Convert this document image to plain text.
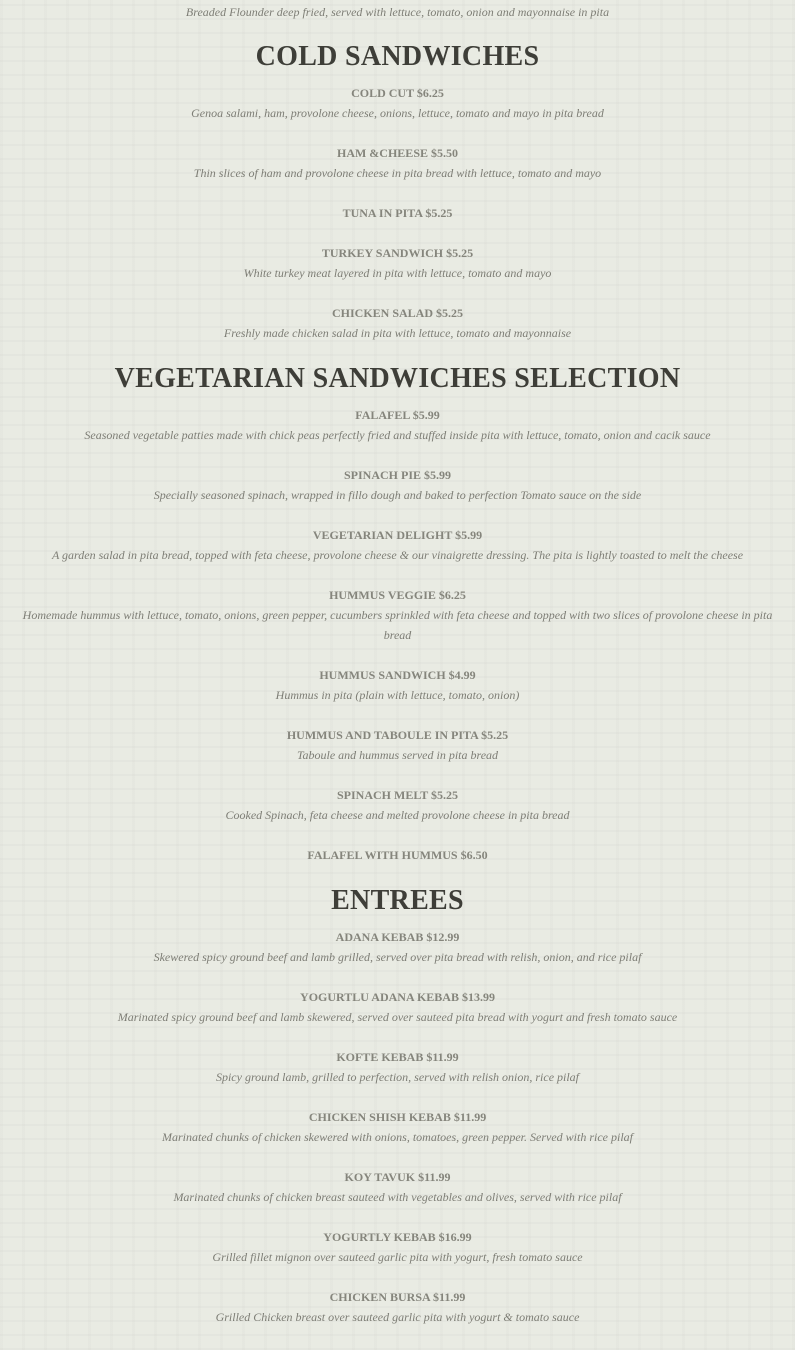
Breaded Flounder deep fried, served with lettuce, tomato, onion and mayonnaise in pita
COLD SANDWICHES
COLD CUT $6.25
Genoa salami, ham, provolone cheese, onions, lettuce, tomato and mayo in pita bread
HAM &CHEESE $5.50
Thin slices of ham and provolone cheese in pita bread with lettuce, tomato and mayo
TUNA IN PITA $5.25
TURKEY SANDWICH $5.25
White turkey meat layered in pita with lettuce, tomato and mayo
CHICKEN SALAD $5.25
Freshly made chicken salad in pita with lettuce, tomato and mayonnaise
VEGETARIAN SANDWICHES SELECTION
FALAFEL $5.99
Seasoned vegetable patties made with chick peas perfectly fried and stuffed inside pita with lettuce, tomato, onion and cacik sauce
SPINACH PIE $5.99
Specially seasoned spinach, wrapped in fillo dough and baked to perfection Tomato sauce on the side
VEGETARIAN DELIGHT $5.99
A garden salad in pita bread, topped with feta cheese, provolone cheese & our vinaigrette dressing. The pita is lightly toasted to melt the cheese
HUMMUS VEGGIE $6.25
Homemade hummus with lettuce, tomato, onions, green pepper, cucumbers sprinkled with feta cheese and topped with two slices of provolone cheese in pita bread
HUMMUS SANDWICH $4.99
Hummus in pita (plain with lettuce, tomato, onion)
HUMMUS AND TABOULE IN PITA $5.25
Taboule and hummus served in pita bread
SPINACH MELT $5.25
Cooked Spinach, feta cheese and melted provolone cheese in pita bread
FALAFEL WITH HUMMUS $6.50
ENTREES
ADANA KEBAB $12.99
Skewered spicy ground beef and lamb grilled, served over pita bread with relish, onion, and rice pilaf
YOGURTLU ADANA KEBAB $13.99
Marinated spicy ground beef and lamb skewered, served over sauteed pita bread with yogurt and fresh tomato sauce
KOFTE KEBAB $11.99
Spicy ground lamb, grilled to perfection, served with relish onion, rice pilaf
CHICKEN SHISH KEBAB $11.99
Marinated chunks of chicken skewered with onions, tomatoes, green pepper. Served with rice pilaf
KOY TAVUK $11.99
Marinated chunks of chicken breast sauteed with vegetables and olives, served with rice pilaf
YOGURTLY KEBAB $16.99
Grilled fillet mignon over sauteed garlic pita with yogurt, fresh tomato sauce
CHICKEN BURSA $11.99
Grilled Chicken breast over sauteed garlic pita with yogurt & tomato sauce
